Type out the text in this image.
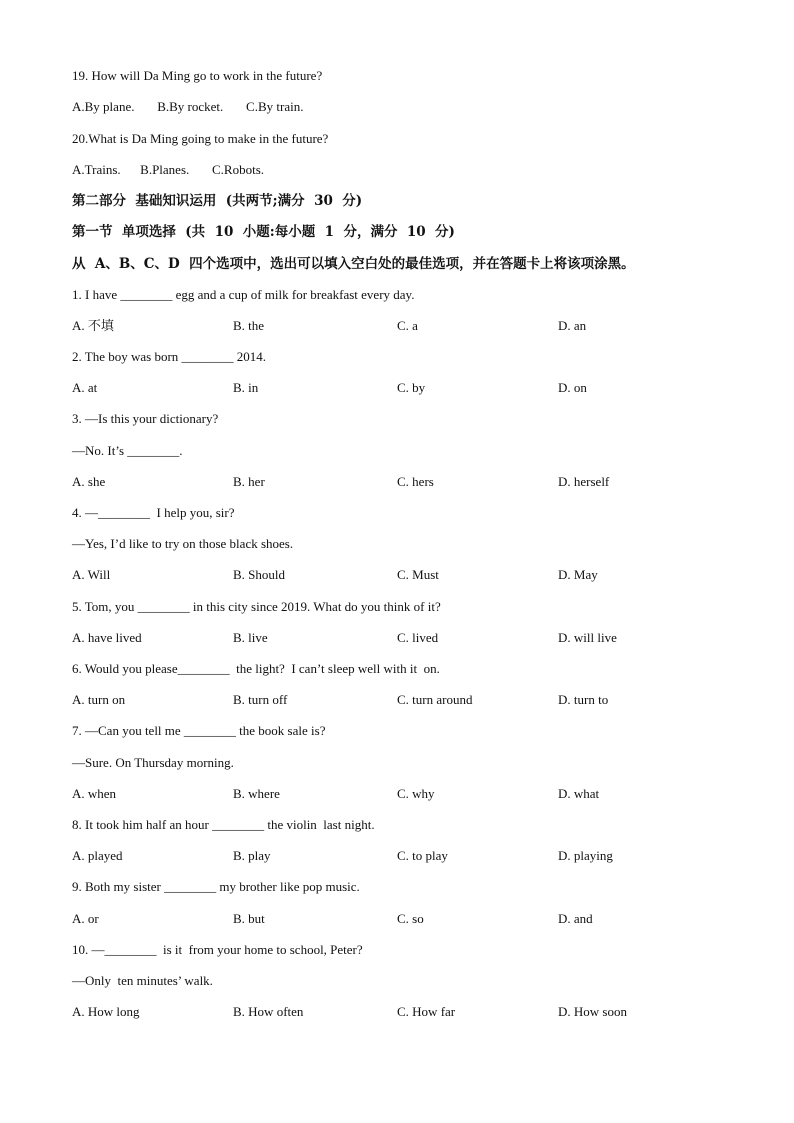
19. How will Da Ming go to work in the future?
A.By plane.       B.By rocket.       C.By train.
20.What is Da Ming going to make in the future?
A.Trains.      B.Planes.       C.Robots.
第二部分  基础知识运用  (共两节;满分  30  分)
第一节  单项选择  (共  10  小题:每小题  1  分，满分  10  分)
从  A、B、C、D  四个选项中，选出可以填入空白处的最佳选项，并在答题卡上将该项涂黑。
1. I have ________ egg and a cup of milk for breakfast every day.
A. 不填	B. the	C. a	D. an
2. The boy was born ________ 2014.
A. at	B. in	C. by	D. on
3. —Is this your dictionary?
—No. It’s ________.
A. she	B. her	C. hers	D. herself
4. —________  I help you, sir?
—Yes, I’d like to try on those black shoes.
A. Will	B. Should	C. Must	D. May
5. Tom, you ________ in this city since 2019. What do you think of it?
A. have lived	B. live	C. lived	D. will live
6. Would you please________  the light?  I can’t sleep well with it  on.
A. turn on	B. turn off	C. turn around	D. turn to
7. —Can you tell me ________ the book sale is?
—Sure. On Thursday morning.
A. when	B. where	C. why	D. what
8. It took him half an hour ________ the violin  last night.
A. played	B. play	C. to play	D. playing
9. Both my sister ________ my brother like pop music.
A. or	B. but	C. so	D. and
10. —________  is it  from your home to school, Peter?
—Only  ten minutes’ walk.
A. How long	B. How often	C. How far	D. How soon
